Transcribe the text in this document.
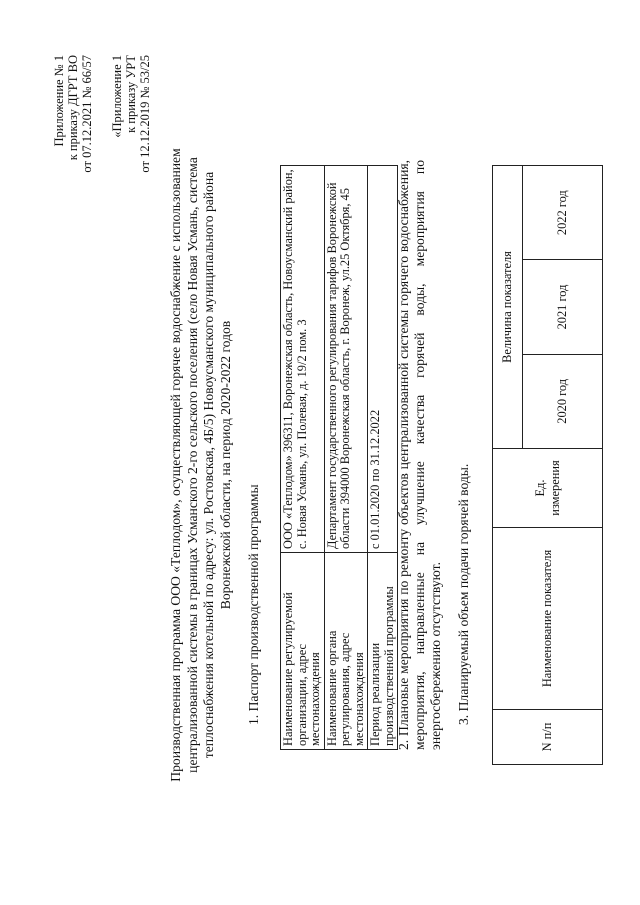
Приложение № 1 к приказу ДГРТ ВО от 07.12.2021 № 66/57 «Приложение 1 к приказу УРТ от 12.12.2019 № 53/25
Производственная программа ООО «Теплодом», осуществляющей горячее водоснабжение с использованием централизованной системы в границах Усманского 2-го сельского поселения (село Новая Усмань, система теплоснабжения котельной по адресу: ул. Ростовская, 4Б/5) Новоусманского муниципального района Воронежской области, на период 2020-2022 годов 1. Паспорт производственной программы Наименование регулируемой организации, адрес местонахождения	ООО «Теплодом» 396311, Воронежская область, Новоусманский район, с. Новая Усмань, ул. Полевая, д. 19/2 пом. 3
Наименование органа регулирования, адрес местонахождения	Департамент государственного регулирования тарифов Воронежской области 394000 Воронежская область, г. Воронеж, ул.25 Октября, 45
Период реализации производственной программы	с 01.01.2020 по 31.12.2022 2. Плановые мероприятия по ремонту объектов централизованной системы горячего водоснабжения, мероприятия, направленные на улучшение качества горячей воды, мероприятия по энергосбережению отсутствуют. 3. Планируемый объем подачи горячей воды.
N п/п	Наименование показателя	Ед. измерения	Величина показателя		
			2020 год	2021 год	2022 год
